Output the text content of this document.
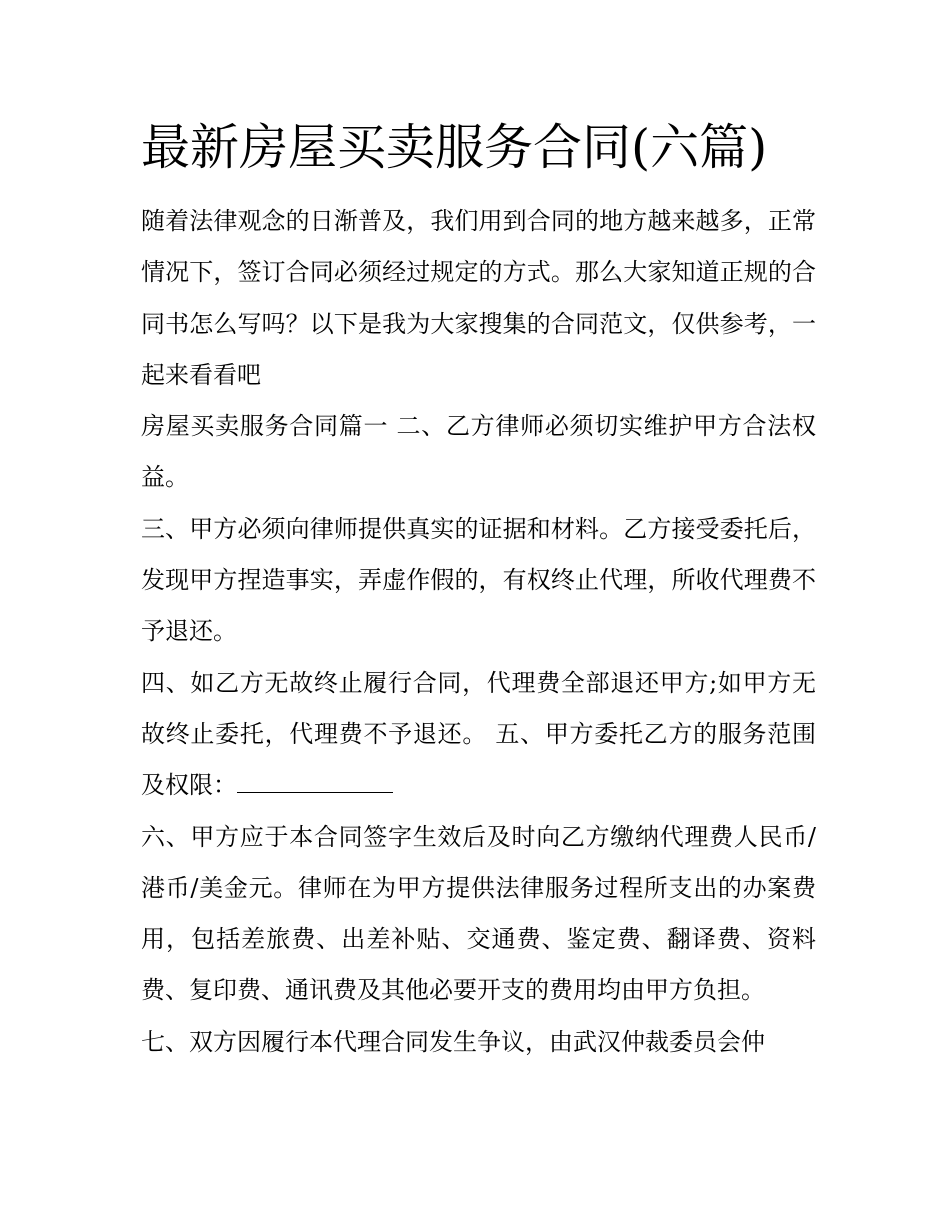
最新房屋买卖服务合同(六篇)

随着法律观念的日渐普及，我们用到合同的地方越来越多，正常情况下，签订合同必须经过规定的方式。那么大家知道正规的合同书怎么写吗？以下是我为大家搜集的合同范文，仅供参考，一起来看看吧

房屋买卖服务合同篇一 二、乙方律师必须切实维护甲方合法权益。

三、甲方必须向律师提供真实的证据和材料。乙方接受委托后，发现甲方捏造事实，弄虚作假的，有权终止代理，所收代理费不予退还。

四、如乙方无故终止履行合同，代理费全部退还甲方;如甲方无故终止委托，代理费不予退还。 五、甲方委托乙方的服务范围及权限：

六、甲方应于本合同签字生效后及时向乙方缴纳代理费人民币/港币/美金元。律师在为甲方提供法律服务过程所支出的办案费用，包括差旅费、出差补贴、交通费、鉴定费、翻译费、资料费、复印费、通讯费及其他必要开支的费用均由甲方负担。

七、双方因履行本代理合同发生争议，由武汉仲裁委员会仲
